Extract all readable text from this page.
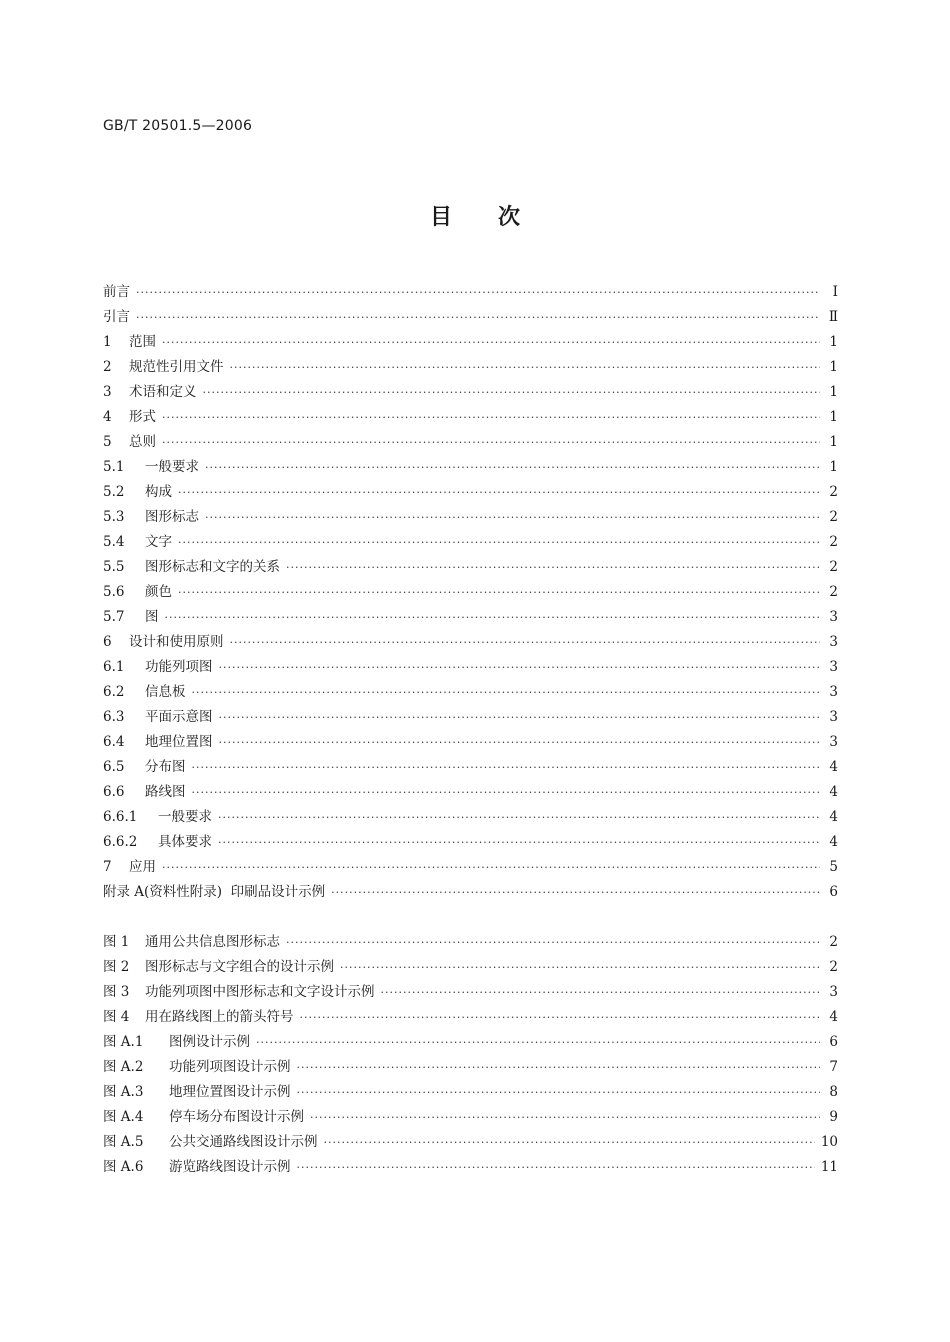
GB/T 20501.5—2006
目 次
前言 ·····	Ⅰ
引言 ·····	Ⅱ
1	范围 ·····	1
2	规范性引用文件 ·····	1
3	术语和定义 ·····	1
4	形式 ·····	1
5	总则 ·····	1
5.1	一般要求 ·····	1
5.2	构成 ·····	2
5.3	图形标志 ·····	2
5.4	文字 ·····	2
5.5	图形标志和文字的关系 ·····	2
5.6	颜色 ·····	2
5.7	图 ·····	3
6	设计和使用原则 ·····	3
6.1	功能列项图 ·····	3
6.2	信息板 ·····	3
6.3	平面示意图 ·····	3
6.4	地理位置图 ·····	3
6.5	分布图 ·····	4
6.6	路线图 ·····	4
6.6.1	一般要求 ·····	4
6.6.2	具体要求 ·····	4
7	应用 ·····	5
附录 A(资料性附录)  印刷品设计示例 ·····	6
图 1	通用公共信息图形标志 ·····	2
图 2	图形标志与文字组合的设计示例 ·····	2
图 3	功能列项图中图形标志和文字设计示例 ·····	3
图 4	用在路线图上的箭头符号 ·····	4
图 A.1	图例设计示例 ·····	6
图 A.2	功能列项图设计示例 ·····	7
图 A.3	地理位置图设计示例 ·····	8
图 A.4	停车场分布图设计示例 ·····	9
图 A.5	公共交通路线图设计示例 ·····	10
图 A.6	游览路线图设计示例 ·····	11
